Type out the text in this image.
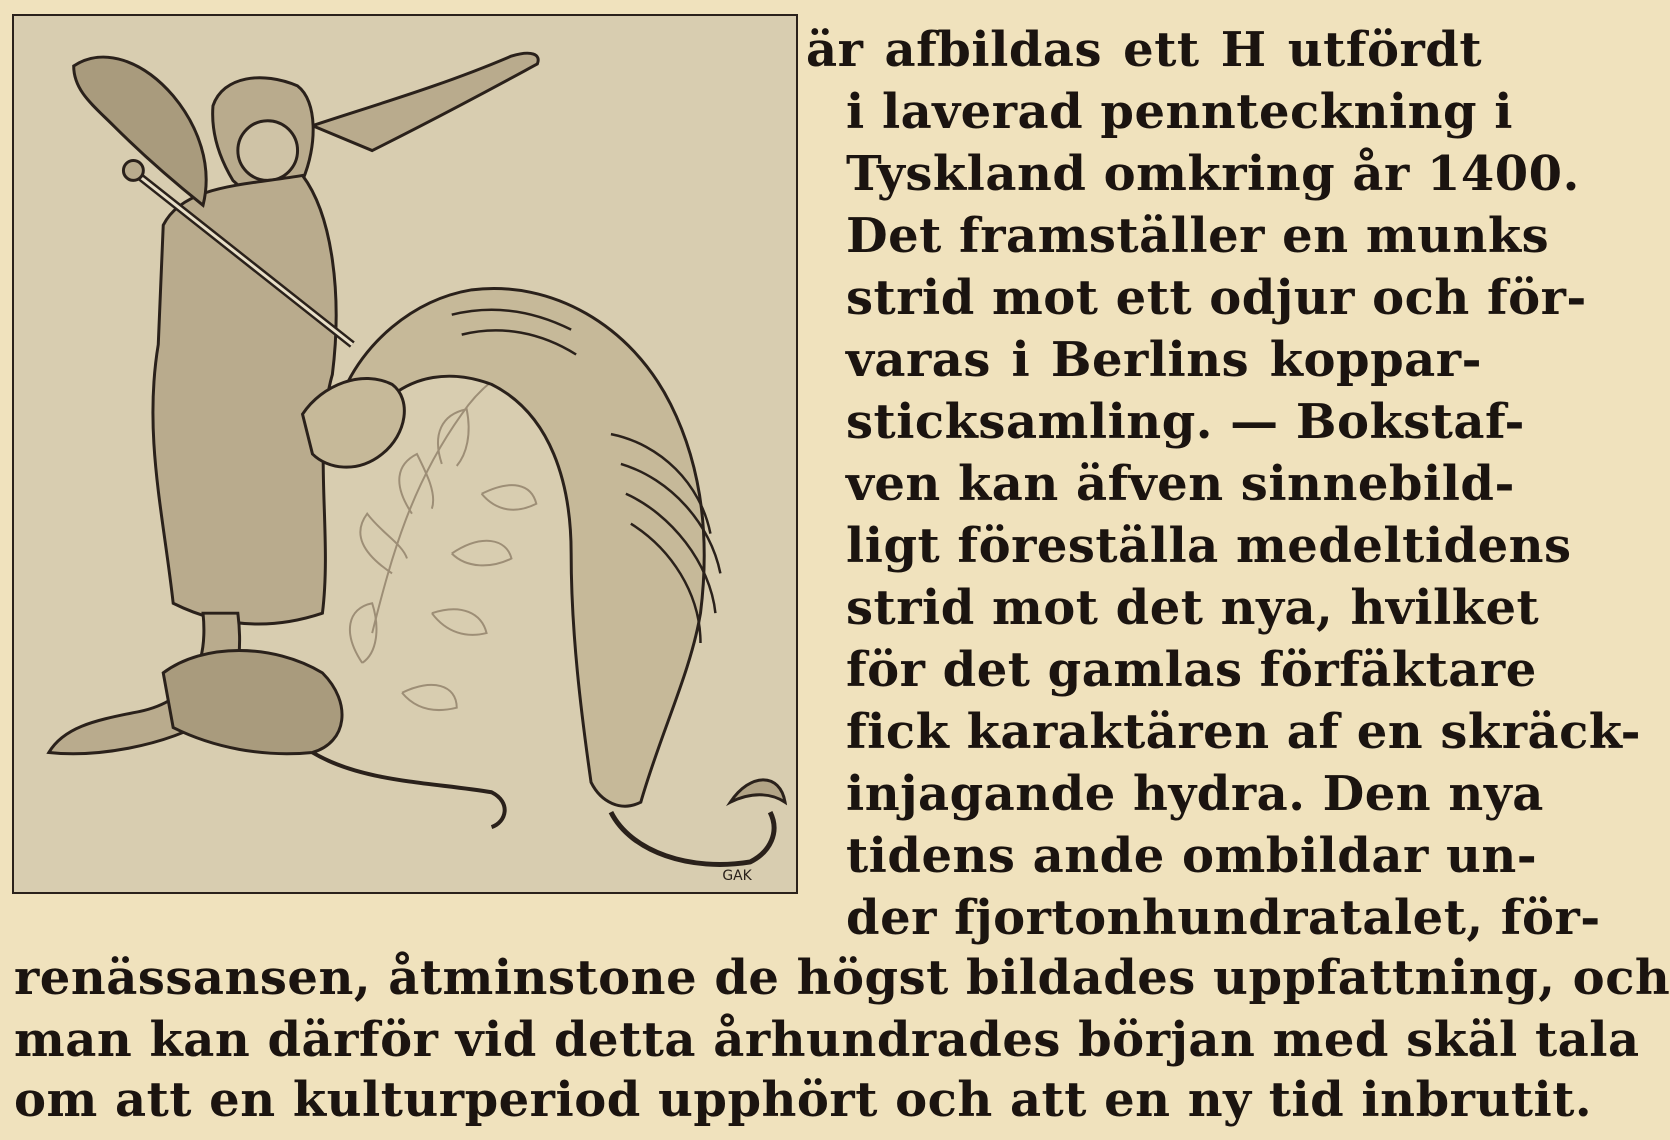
GAK
är afbildas ett H utfördt
i laverad pennteckning i
Tyskland omkring år 1400.
Det framställer en munks
strid mot ett odjur och för-
varas i Berlins koppar-
sticksamling. — Bokstaf-
ven kan äfven sinnebild-
ligt föreställa medeltidens
strid mot det nya, hvilket
för det gamlas förfäktare
fick karaktären af en skräck-
injagande hydra. Den nya
tidens ande ombildar un-
der fjortonhundratalet, för-
renässansen, åtminstone de högst bildades uppfattning, och
man kan därför vid detta århundrades början med skäl tala
om att en kulturperiod upphört och att en ny tid inbrutit.
